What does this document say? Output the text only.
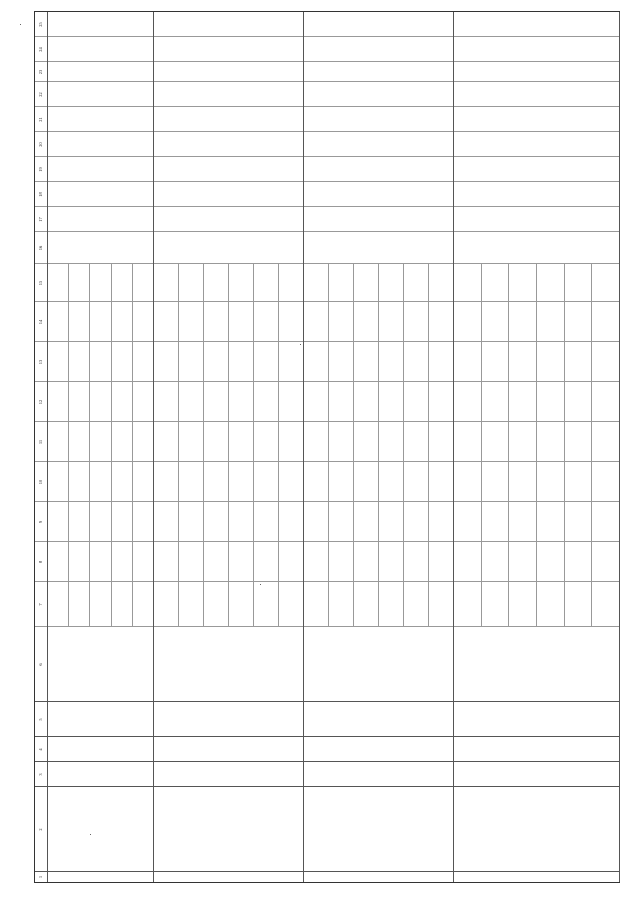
1
2
3
4
5
6
7
8
9
10
11
12
13
14
15
16
17
18
19
20
21
22
23
24
25
